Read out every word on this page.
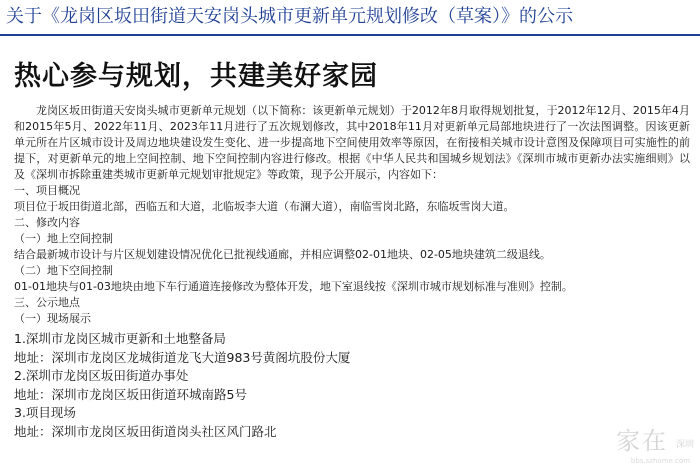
关于《龙岗区坂田街道天安岗头城市更新单元规划修改（草案）》的公示
热心参与规划，共建美好家园

龙岗区坂田街道天安岗头城市更新单元规划（以下简称：该更新单元规划）于2012年8月取得规划批复，于2012年12月、2015年4月和2015年5月、2022年11月、2023年11月进行了五次规划修改，其中2018年11月对更新单元局部地块进行了一次法图调整。因该更新单元所在片区城市设计及周边地块建设发生变化、进一步提高地下空间使用效率等原因，在衔接相关城市设计意图及保障项目可实施性的前提下，对更新单元的地上空间控制、地下空间控制内容进行修改。根据《中华人民共和国城乡规划法》《深圳市城市更新办法实施细则》以及《深圳市拆除重建类城市更新单元规划审批规定》等政策，现予公开展示，内容如下：

一、项目概况

项目位于坂田街道北部，西临五和大道，北临坂李大道（布澜大道），南临雪岗北路，东临坂雪岗大道。

二、修改内容

（一）地上空间控制

结合最新城市设计与片区规划建设情况优化已批视线通廊，并相应调整02-01地块、02-05地块建筑二级退线。

（二）地下空间控制

01-01地块与01-03地块由地下车行通道连接修改为整体开发，地下室退线按《深圳市城市规划标准与准则》控制。

三、公示地点

（一）现场展示

1.深圳市龙岗区城市更新和土地整备局

地址：深圳市龙岗区龙城街道龙飞大道983号黄阁坑股份大厦

2.深圳市龙岗区坂田街道办事处

地址：深圳市龙岗区坂田街道环城南路5号

3.项目现场

地址：深圳市龙岗区坂田街道岗头社区风门路北	家在 深圳
bbs.szhome.com
